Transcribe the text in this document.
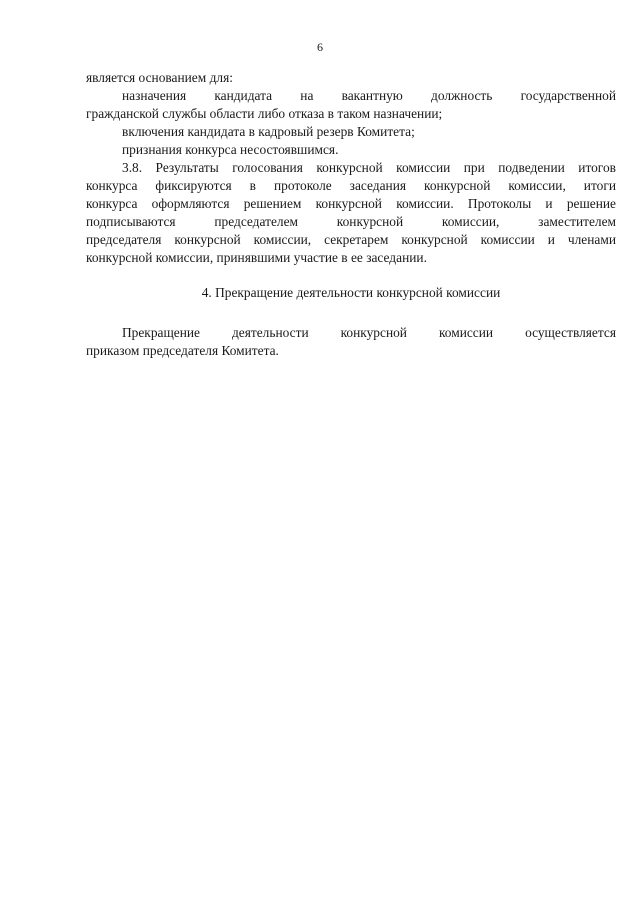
6
является основанием для:
назначения кандидата на вакантную должность государственной
гражданской службы области либо отказа в таком назначении;
включения кандидата в кадровый резерв Комитета;
признания конкурса несостоявшимся.
3.8. Результаты голосования конкурсной комиссии при подведении итогов
конкурса фиксируются в протоколе заседания конкурсной комиссии, итоги
конкурса оформляются решением конкурсной комиссии. Протоколы и решение
подписываются председателем конкурсной комиссии, заместителем
председателя конкурсной комиссии, секретарем конкурсной комиссии и членами
конкурсной комиссии, принявшими участие в ее заседании.
4. Прекращение деятельности конкурсной комиссии
Прекращение деятельности конкурсной комиссии осуществляется
приказом председателя Комитета.
